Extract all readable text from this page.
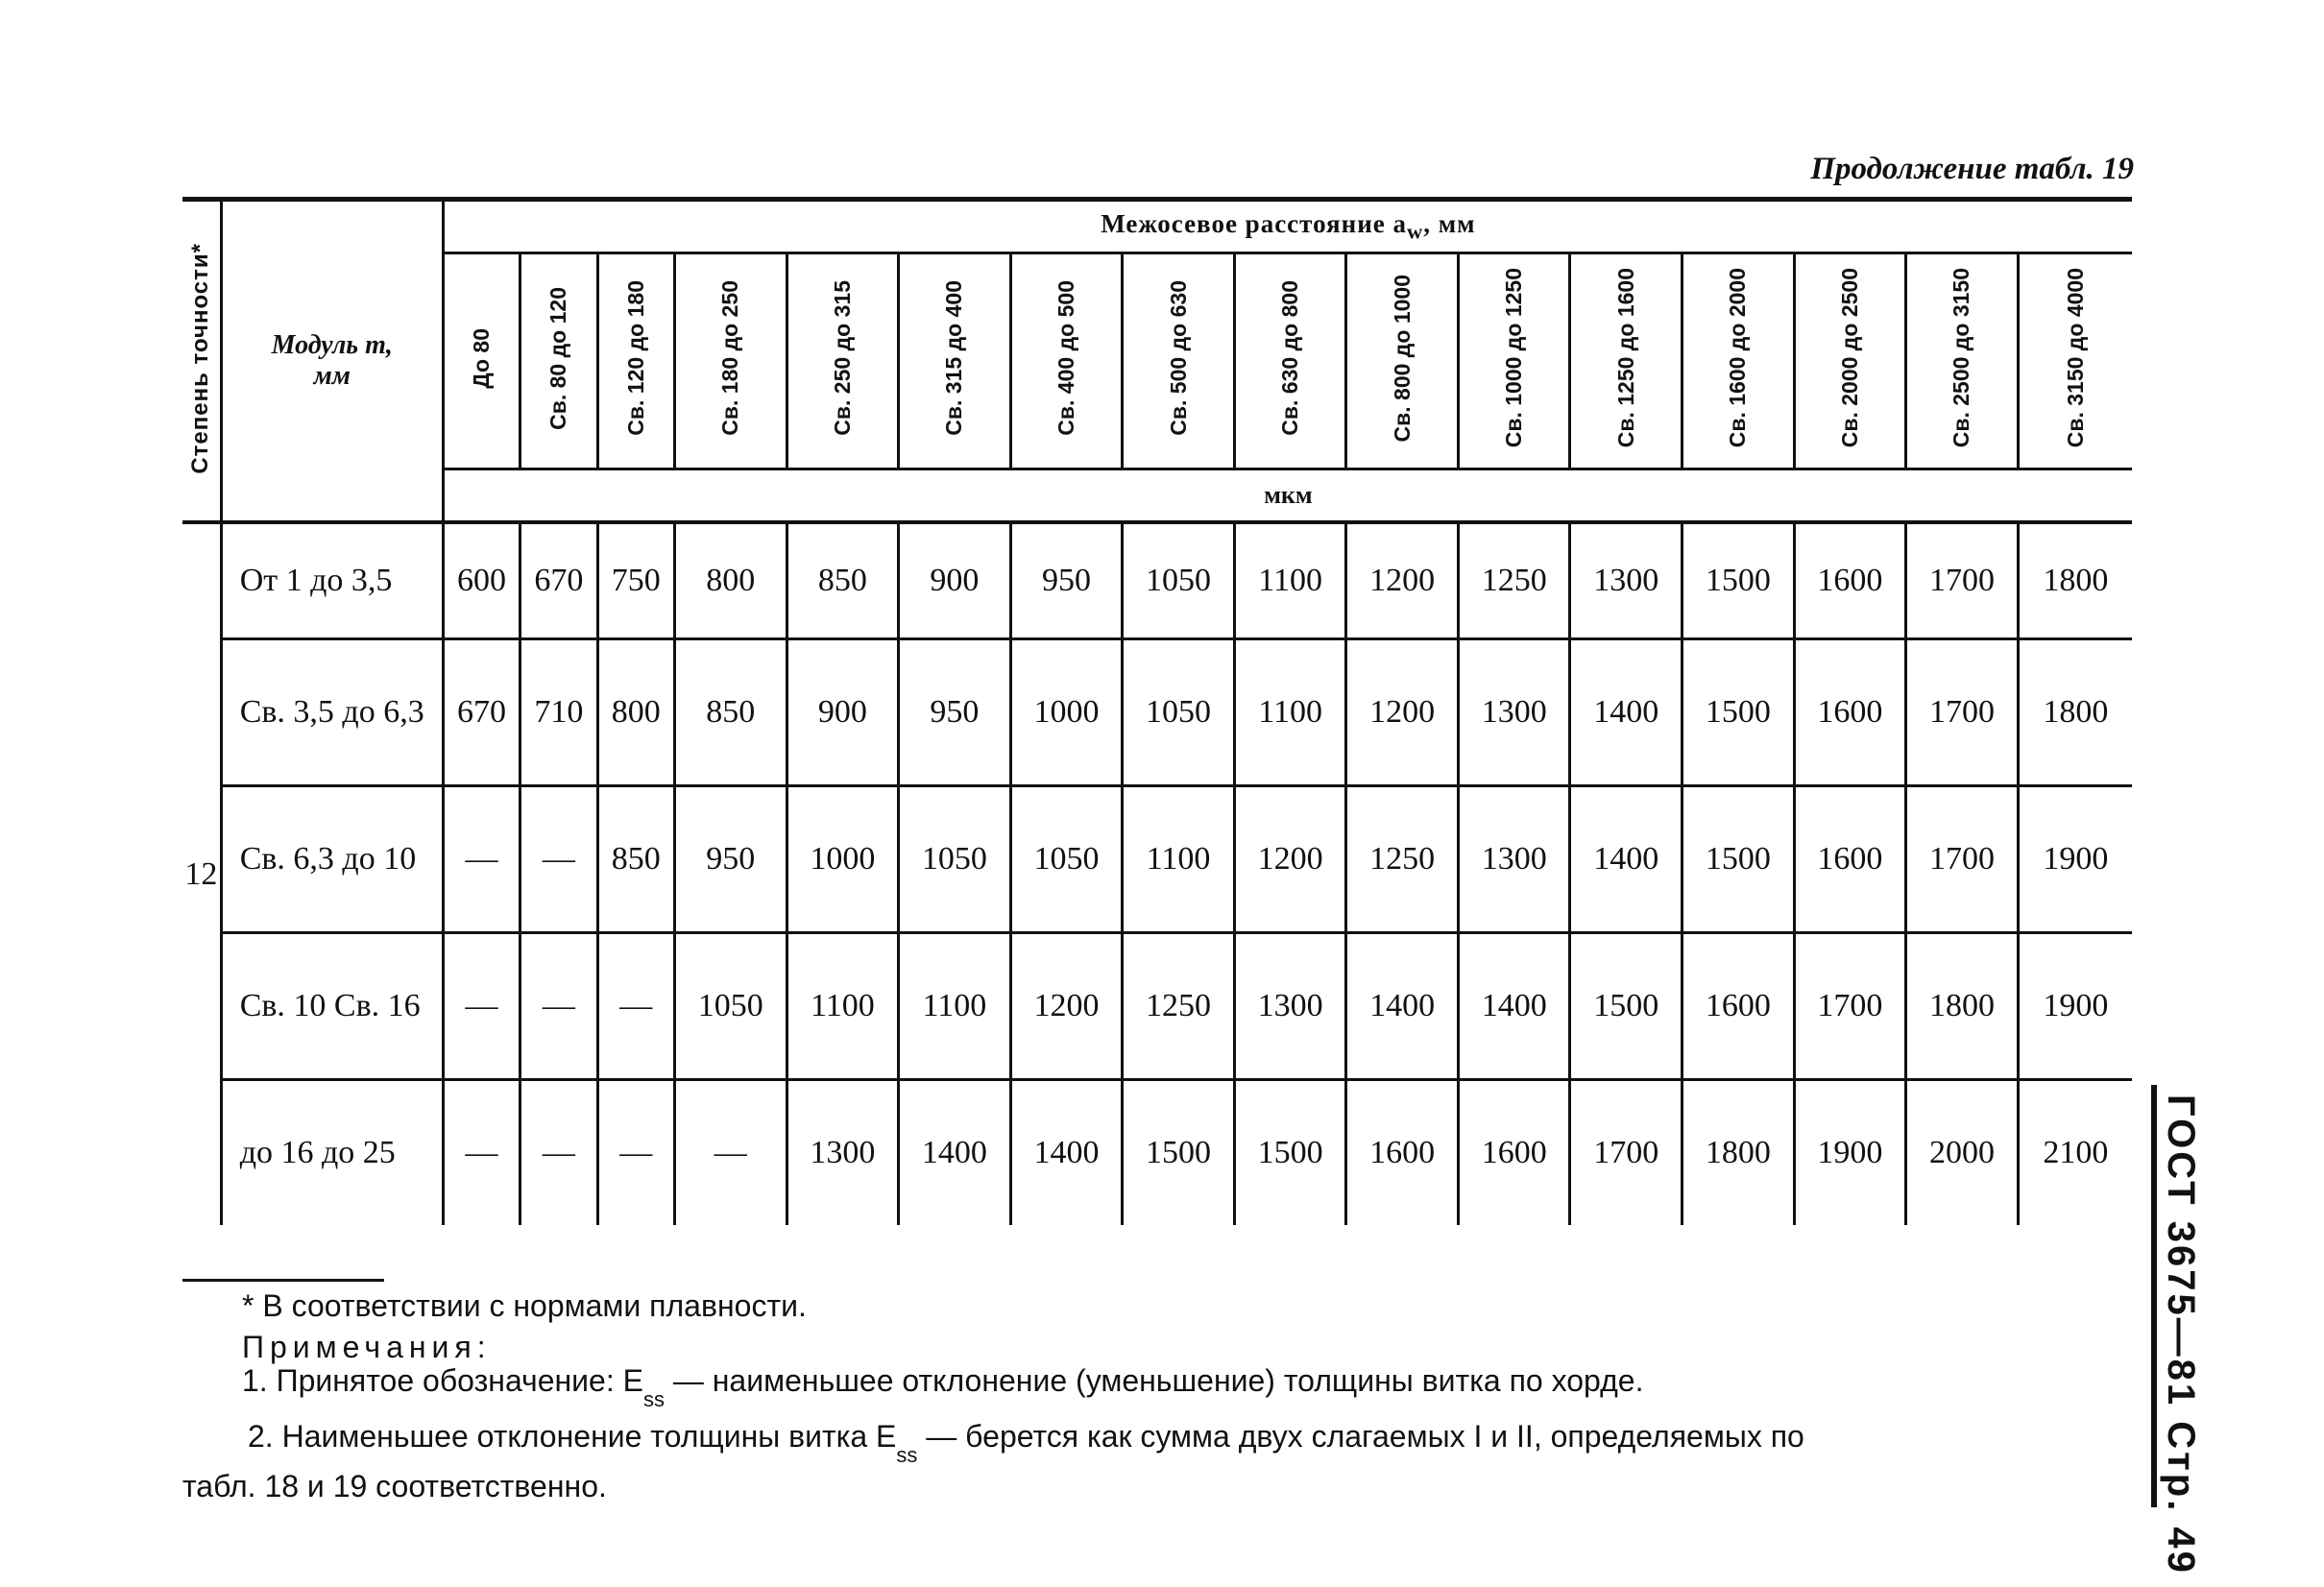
Продолжение табл. 19
Степень точности*	Модуль m,
мм	Межосевое расстояние $a_w$, мм															
		До 80	Св. 80 до 120	Св. 120 до 180	Св. 180 до 250	Св. 250 до 315	Св. 315 до 400	Св. 400 до 500	Св. 500 до 630	Св. 630 до 800	Св. 800 до 1000	Св. 1000 до 1250	Св. 1250 до 1600	Св. 1600 до 2000	Св. 2000 до 2500	Св. 2500 до 3150	Св. 3150 до 4000
		мкм															
12	От 1 до 3,5	600	670	750	800	850	900	950	1050	1100	1200	1250	1300	1500	1600	1700	1800
	Св. 3,5 до 6,3	670	710	800	850	900	950	1000	1050	1100	1200	1300	1400	1500	1600	1700	1800
	Св. 6,3 до 10	—	—	850	950	1000	1050	1050	1100	1200	1250	1300	1400	1500	1600	1700	1900
	Св. 10 Св. 16	—	—	—	1050	1100	1100	1200	1250	1300	1400	1400	1500	1600	1700	1800	1900
	до 16 до 25	—	—	—	—	1300	1400	1400	1500	1500	1600	1600	1700	1800	1900	2000	2100
* В соответствии с нормами плавности.
Примечания:
1. Принятое обозначение: $E_{ss}$ — наименьшее отклонение (уменьшение) толщины витка по хорде.
2. Наименьшее отклонение толщины витка $E_{ss}$ — берется как сумма двух слагаемых I и II, определяемых по
табл. 18 и 19 соответственно.	ГОСТ 3675—81 Стр. 49
